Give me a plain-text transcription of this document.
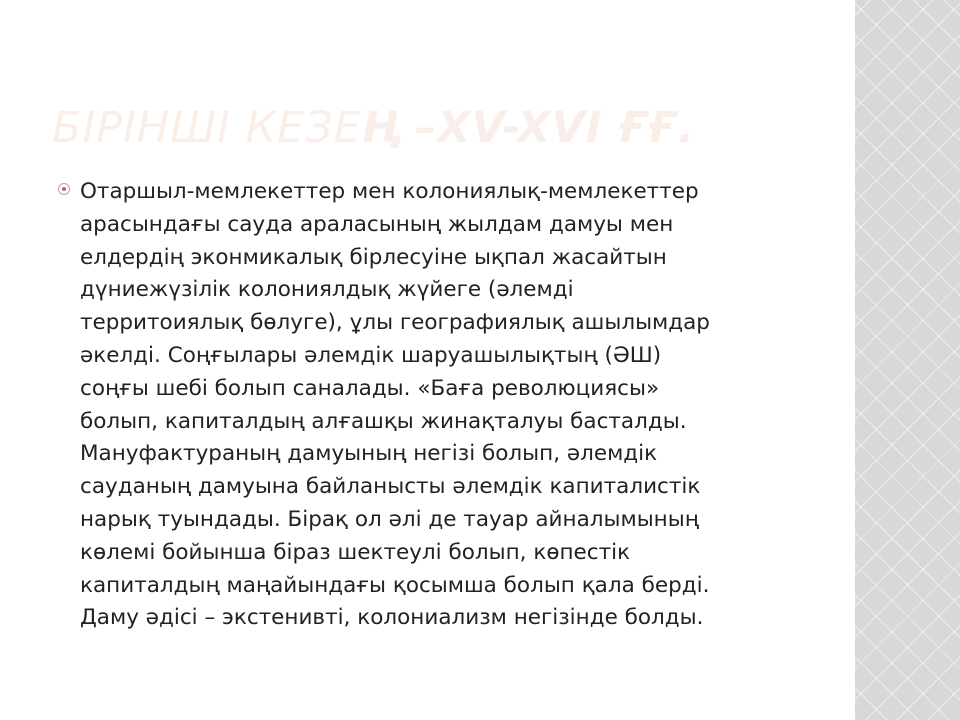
БІРІНШІ КЕЗЕҢ –XV-XVI ҒҒ.

Отаршыл-мемлекеттер мен колониялық-мемлекеттер
арасындағы сауда араласының жылдам дамуы мен
елдердің эконмикалық бірлесуіне ықпал жасайтын
дүниежүзілік колониялдық жүйеге (әлемді
территоиялық бөлуге), ұлы географиялық ашылымдар
әкелді. Соңғылары әлемдік шаруашылықтың (ӘШ)
соңғы шебі болып саналады. «Баға революциясы»
болып, капиталдың алғашқы жинақталуы басталды.
Мануфактураның дамуының негізі болып, әлемдік
сауданың дамуына байланысты әлемдік капиталистік
нарық туындады. Бірақ ол әлі де тауар айналымының
көлемі бойынша біраз шектеулі болып, көпестік
капиталдың маңайындағы қосымша болып қала берді.
Даму әдісі – экстенивті, колониализм негізінде болды.
